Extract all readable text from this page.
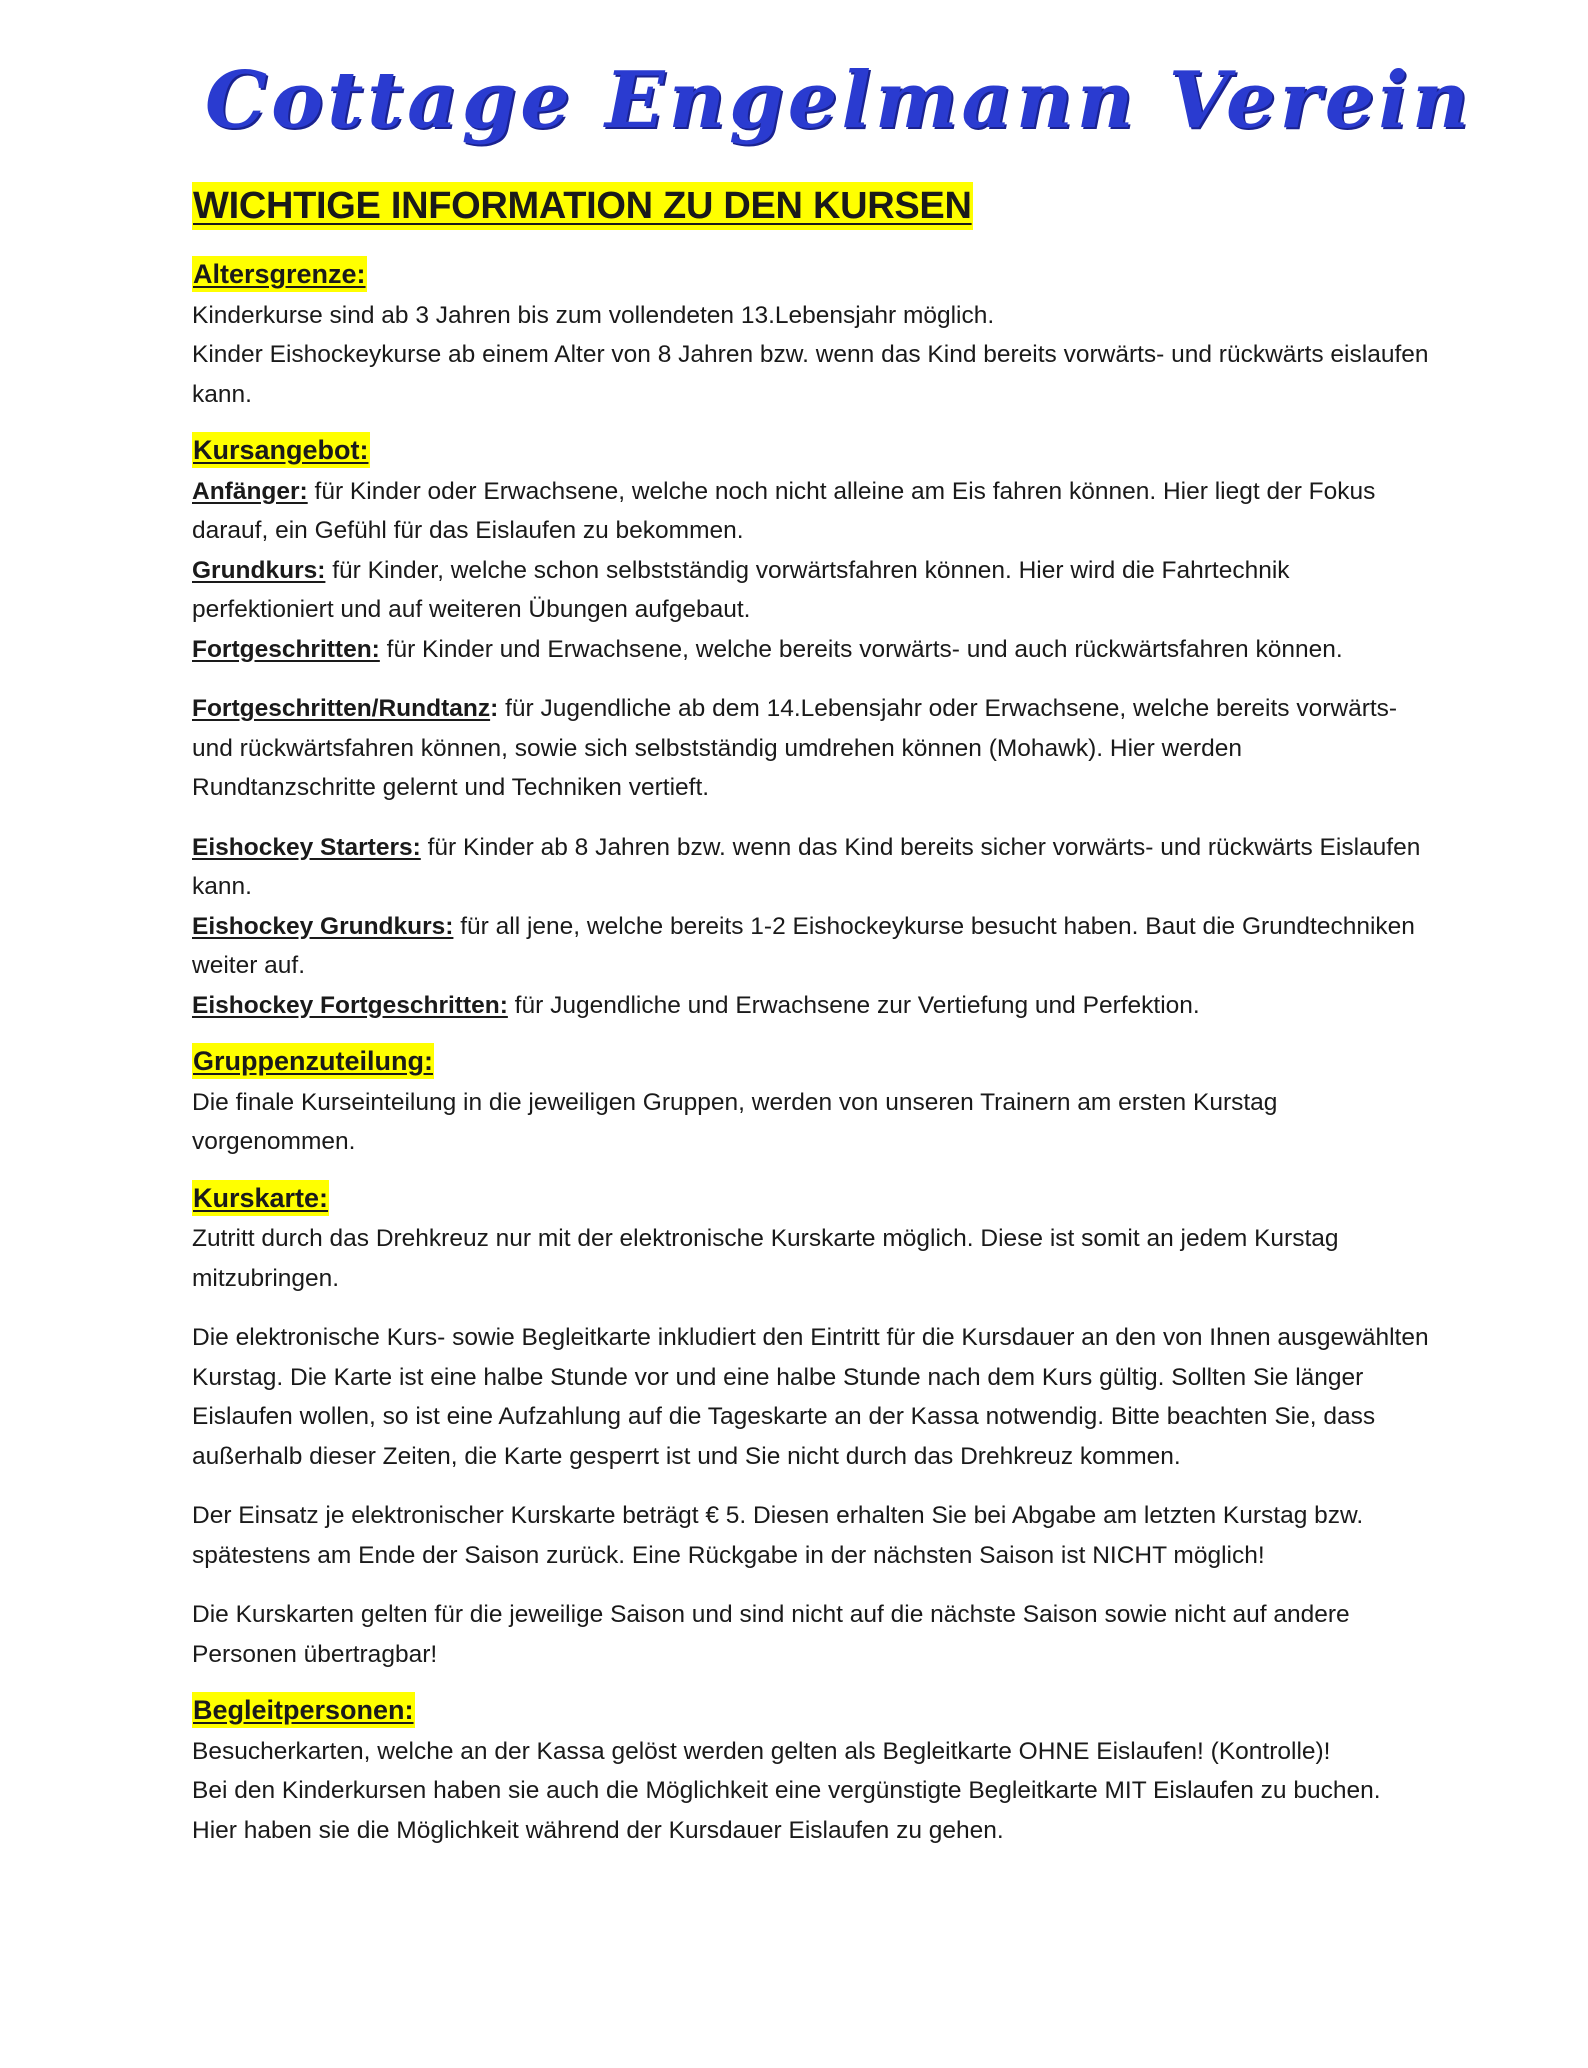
Cottage Engelmann Verein
WICHTIGE INFORMATION ZU DEN KURSEN
Altersgrenze:

Kinderkurse sind ab 3 Jahren bis zum vollendeten 13.Lebensjahr möglich.

Kinder Eishockeykurse ab einem Alter von 8 Jahren bzw. wenn das Kind bereits vorwärts- und rückwärts eislaufen kann.

Kursangebot:

Anfänger: für Kinder oder Erwachsene, welche noch nicht alleine am Eis fahren können. Hier liegt der Fokus darauf, ein Gefühl für das Eislaufen zu bekommen.

Grundkurs: für Kinder, welche schon selbstständig vorwärtsfahren können. Hier wird die Fahrtechnik perfektioniert und auf weiteren Übungen aufgebaut.

Fortgeschritten: für Kinder und Erwachsene, welche bereits vorwärts- und auch rückwärtsfahren können.

Fortgeschritten/Rundtanz: für Jugendliche ab dem 14.Lebensjahr oder Erwachsene, welche bereits vorwärts- und rückwärtsfahren können, sowie sich selbstständig umdrehen können (Mohawk). Hier werden Rundtanzschritte gelernt und Techniken vertieft.

Eishockey Starters: für Kinder ab 8 Jahren bzw. wenn das Kind bereits sicher vorwärts- und rückwärts Eislaufen kann.

Eishockey Grundkurs: für all jene, welche bereits 1-2 Eishockeykurse besucht haben. Baut die Grundtechniken weiter auf.

Eishockey Fortgeschritten: für Jugendliche und Erwachsene zur Vertiefung und Perfektion.

Gruppenzuteilung:

Die finale Kurseinteilung in die jeweiligen Gruppen, werden von unseren Trainern am ersten Kurstag vorgenommen.

Kurskarte:

Zutritt durch das Drehkreuz nur mit der elektronische Kurskarte möglich. Diese ist somit an jedem Kurstag mitzubringen.

Die elektronische Kurs- sowie Begleitkarte inkludiert den Eintritt für die Kursdauer an den von Ihnen ausgewählten Kurstag. Die Karte ist eine halbe Stunde vor und eine halbe Stunde nach dem Kurs gültig. Sollten Sie länger Eislaufen wollen, so ist eine Aufzahlung auf die Tageskarte an der Kassa notwendig. Bitte beachten Sie, dass außerhalb dieser Zeiten, die Karte gesperrt ist und Sie nicht durch das Drehkreuz kommen.

Der Einsatz je elektronischer Kurskarte beträgt € 5. Diesen erhalten Sie bei Abgabe am letzten Kurstag bzw. spätestens am Ende der Saison zurück. Eine Rückgabe in der nächsten Saison ist NICHT möglich!

Die Kurskarten gelten für die jeweilige Saison und sind nicht auf die nächste Saison sowie nicht auf andere Personen übertragbar!

Begleitpersonen:

Besucherkarten, welche an der Kassa gelöst werden gelten als Begleitkarte OHNE Eislaufen! (Kontrolle)!

Bei den Kinderkursen haben sie auch die Möglichkeit eine vergünstigte Begleitkarte MIT Eislaufen zu buchen. Hier haben sie die Möglichkeit während der Kursdauer Eislaufen zu gehen.
